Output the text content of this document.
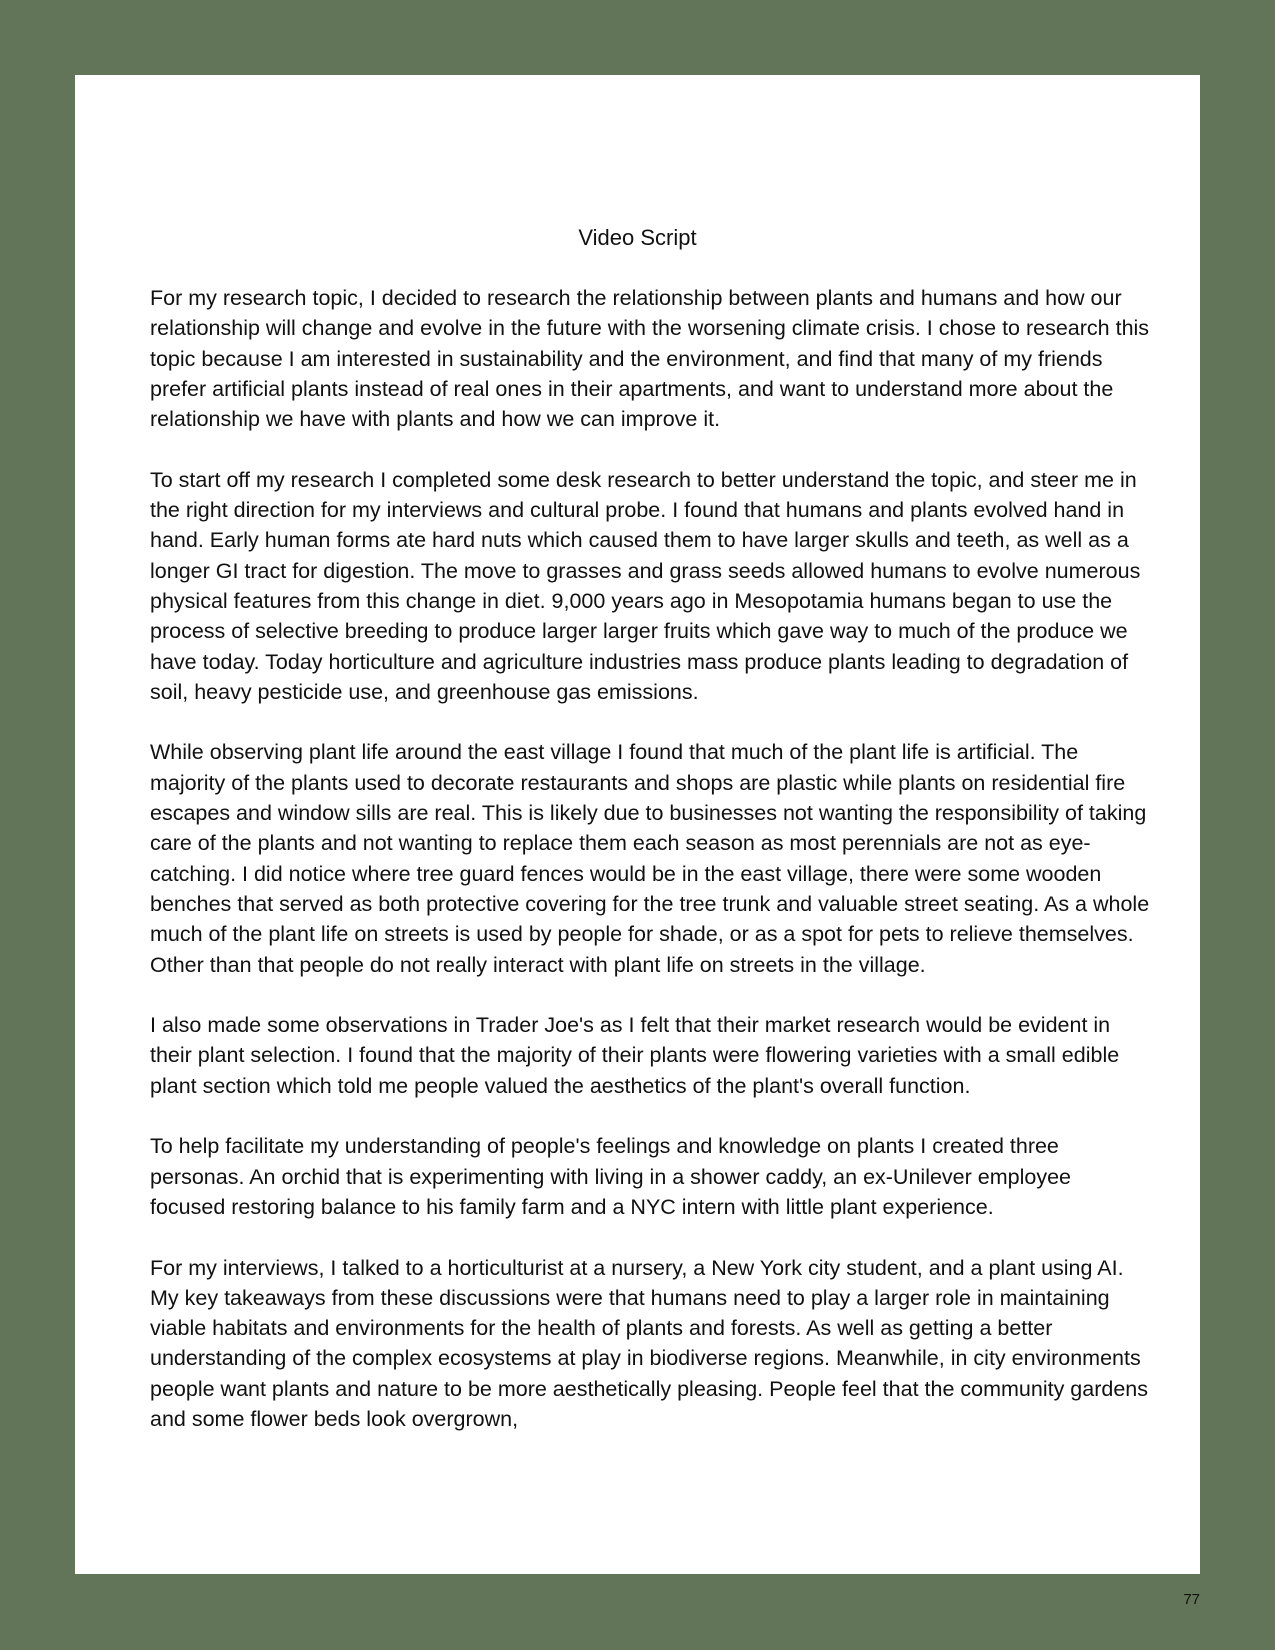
Video Script

For my research topic, I decided to research the relationship between plants and humans and how our relationship will change and evolve in the future with the worsening climate crisis. I chose to research this topic because I am interested in sustainability and the environment, and find that many of my friends prefer artificial plants instead of real ones in their apartments, and want to understand more about the relationship we have with plants and how we can improve it.

To start off my research I completed some desk research to better understand the topic, and steer me in the right direction for my interviews and cultural probe. I found that humans and plants evolved hand in hand. Early human forms ate hard nuts which caused them to have larger skulls and teeth, as well as a longer GI tract for digestion. The move to grasses and grass seeds allowed humans to evolve numerous physical features from this change in diet. 9,000 years ago in Mesopotamia humans began to use the process of selective breeding to produce larger larger fruits which gave way to much of the produce we have today. Today horticulture and agriculture industries mass produce plants leading to degradation of soil, heavy pesticide use, and greenhouse gas emissions.

While observing plant life around the east village I found that much of the plant life is artificial. The majority of the plants used to decorate restaurants and shops are plastic while plants on residential fire escapes and window sills are real. This is likely due to businesses not wanting the responsibility of taking care of the plants and not wanting to replace them each season as most perennials are not as eye-catching. I did notice where tree guard fences would be in the east village, there were some wooden benches that served as both protective covering for the tree trunk and valuable street seating. As a whole much of the plant life on streets is used by people for shade, or as a spot for pets to relieve themselves. Other than that people do not really interact with plant life on streets in the village.

I also made some observations in Trader Joe's as I felt that their market research would be evident in their plant selection. I found that the majority of their plants were flowering varieties with a small edible plant section which told me people valued the aesthetics of the plant's overall function.

To help facilitate my understanding of people's feelings and knowledge on plants I created three personas. An orchid that is experimenting with living in a shower caddy, an ex-Unilever employee focused restoring balance to his family farm and a NYC intern with little plant experience.

For my interviews, I talked to a horticulturist at a nursery, a New York city student, and a plant using AI. My key takeaways from these discussions were that humans need to play a larger role in maintaining viable habitats and environments for the health of plants and forests. As well as getting a better understanding of the complex ecosystems at play in biodiverse regions. Meanwhile, in city environments people want plants and nature to be more aesthetically pleasing. People feel that the community gardens and some flower beds look overgrown,

77
